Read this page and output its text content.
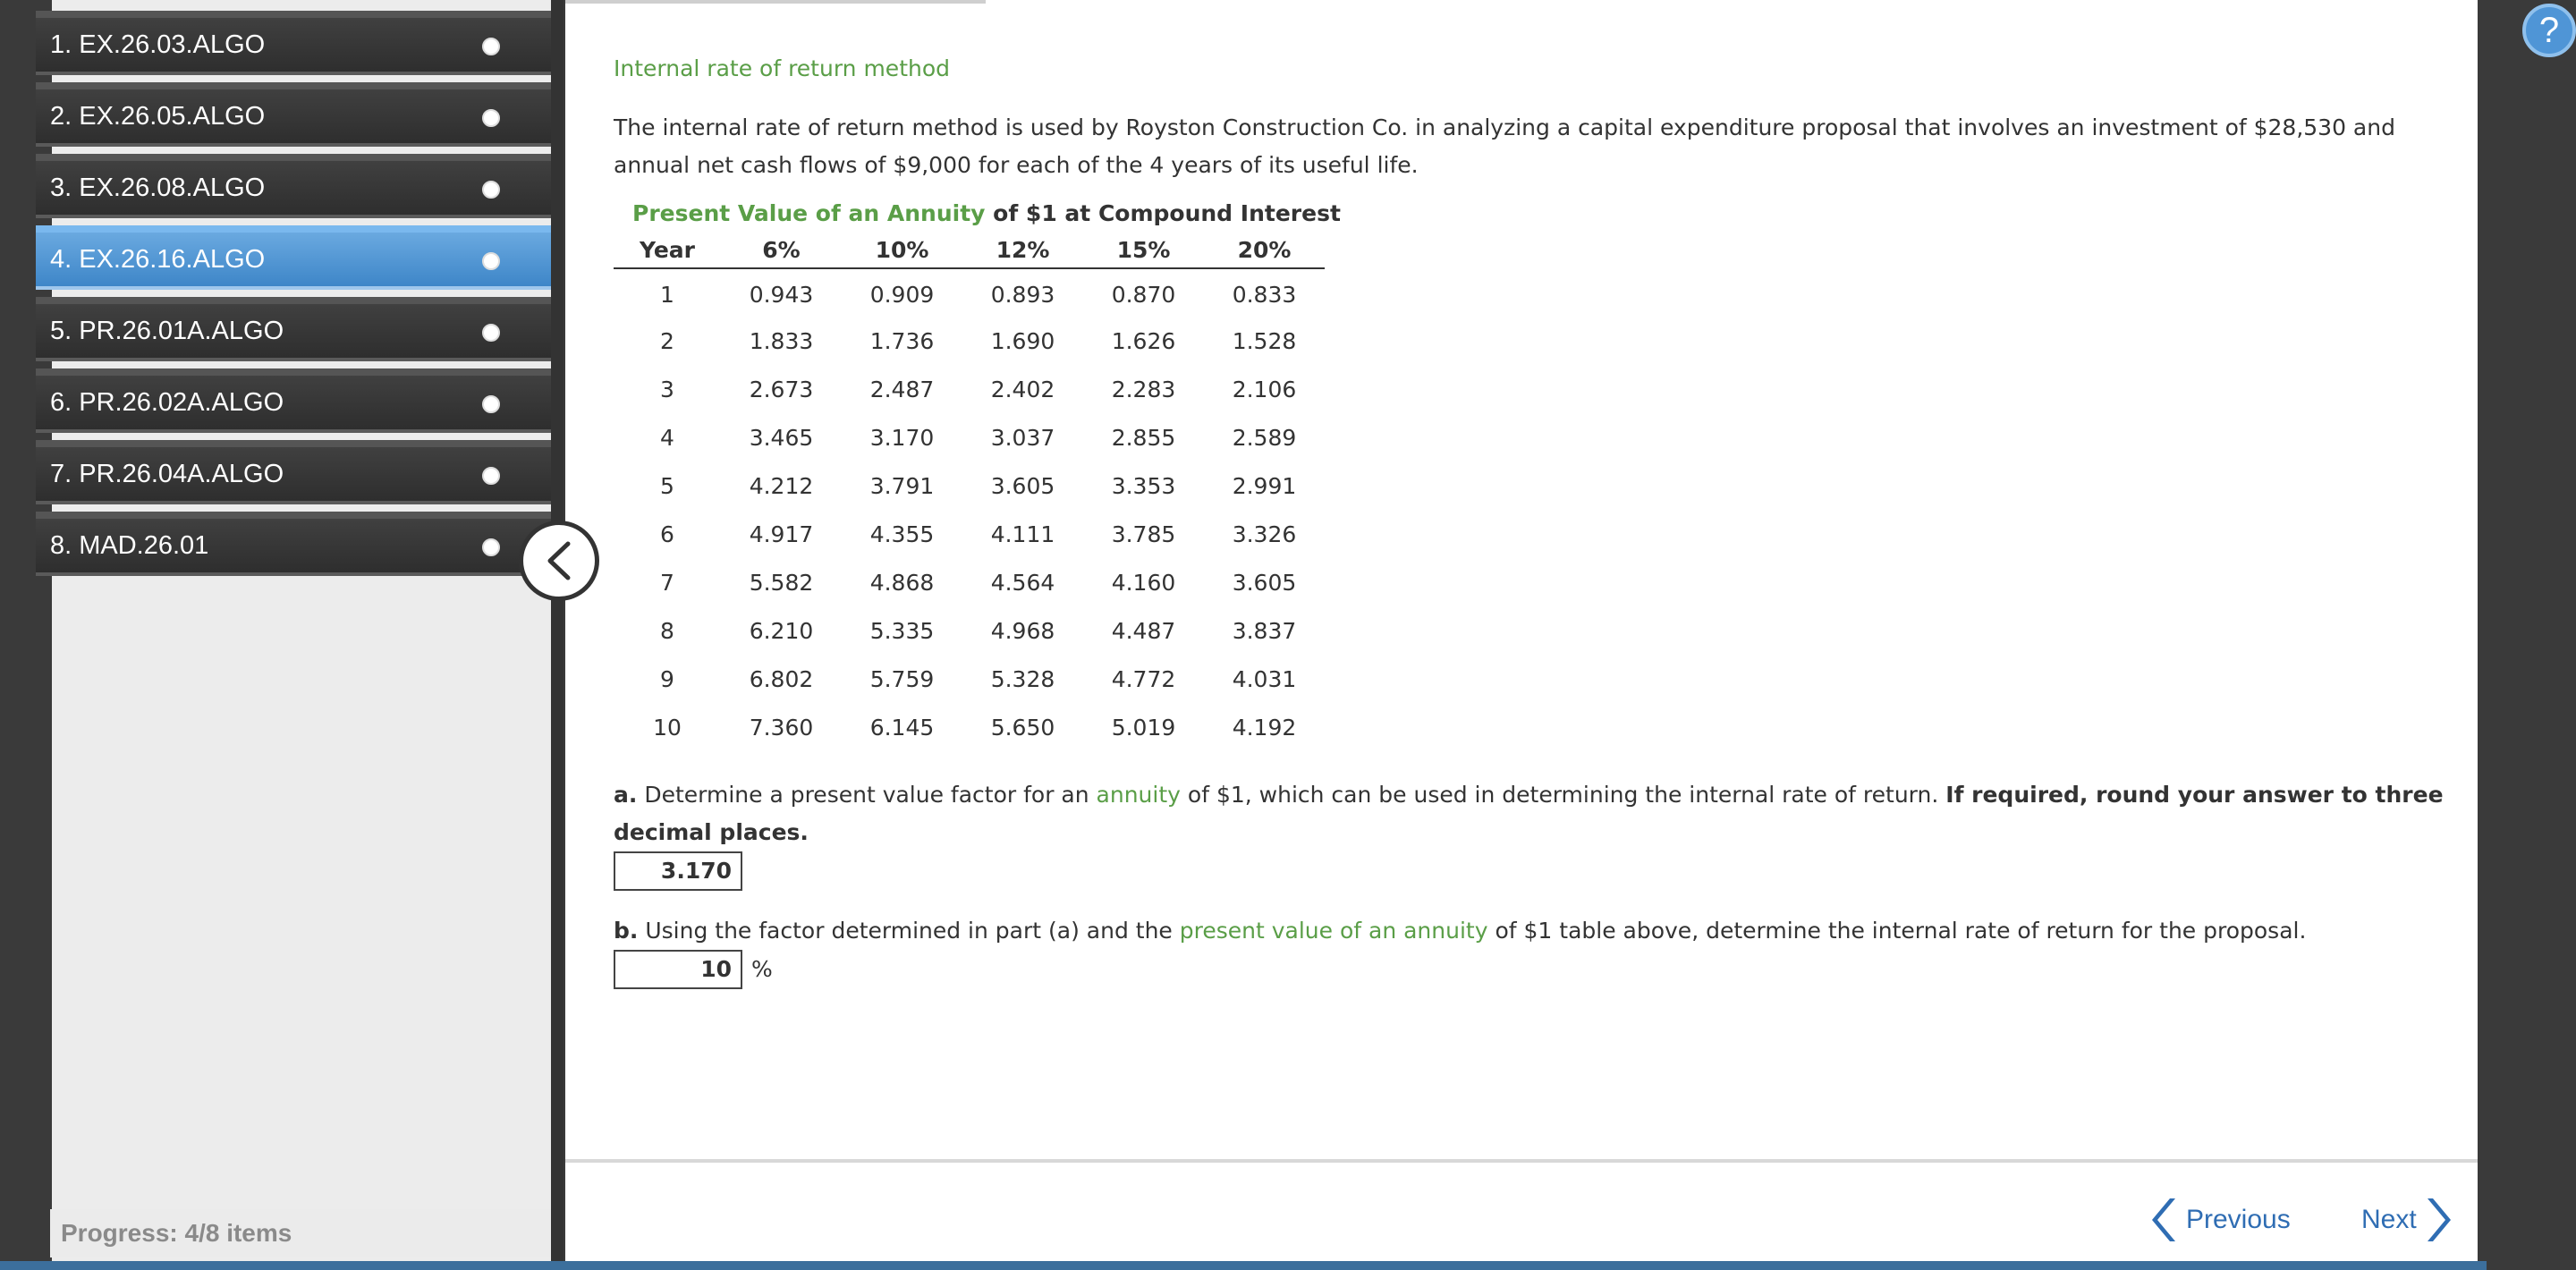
1. EX.26.03.ALGO
2. EX.26.05.ALGO
3. EX.26.08.ALGO
4. EX.26.16.ALGO
5. PR.26.01A.ALGO
6. PR.26.02A.ALGO
7. PR.26.04A.ALGO
8. MAD.26.01
Progress:
4/8 items
Internal rate of return method
The internal rate of return method is used by Royston Construction Co. in analyzing a capital expenditure proposal that involves an investment of $28,530 and annual net cash flows of $9,000 for each of the 4 years of its useful life.
Present Value of an Annuity of $1 at Compound Interest
Year	6%	10%	12%	15%	20%
1	0.943	0.909	0.893	0.870	0.833
2	1.833	1.736	1.690	1.626	1.528
3	2.673	2.487	2.402	2.283	2.106
4	3.465	3.170	3.037	2.855	2.589
5	4.212	3.791	3.605	3.353	2.991
6	4.917	4.355	4.111	3.785	3.326
7	5.582	4.868	4.564	4.160	3.605
8	6.210	5.335	4.968	4.487	3.837
9	6.802	5.759	5.328	4.772	4.031
10	7.360	6.145	5.650	5.019	4.192
a. Determine a present value factor for an annuity of $1, which can be used in determining the internal rate of return. If required, round your answer to three decimal places.
3.170
b. Using the factor determined in part (a) and the present value of an annuity of $1 table above, determine the internal rate of return for the proposal.
10 %
Previous	Next
?
